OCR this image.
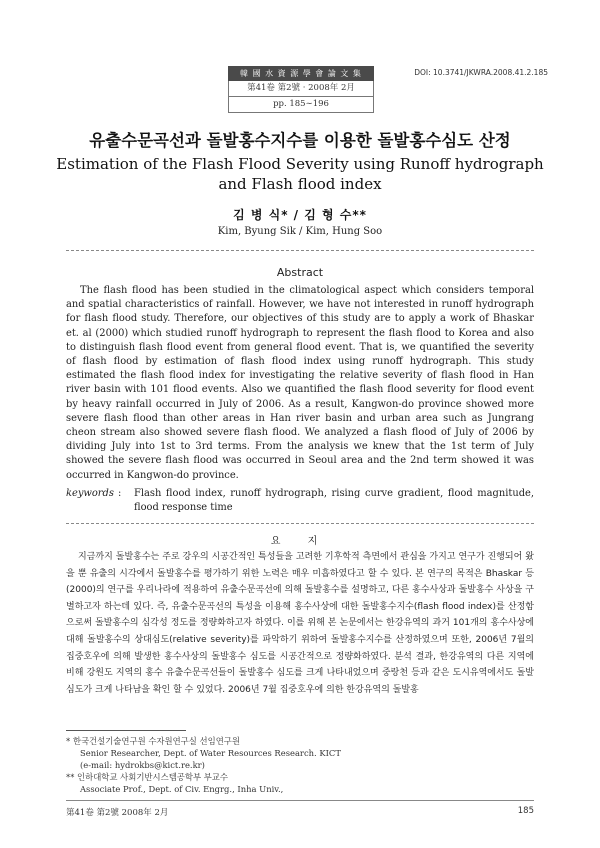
韓 國 水 資 源 學 會 論 文 集
第41卷 第2號 · 2008年 2月
pp. 185∼196
DOI: 10.3741/JKWRA.2008.41.2.185
유출수문곡선과 돌발홍수지수를 이용한 돌발홍수심도 산정
Estimation of the Flash Flood Severity using Runoff hydrograph
and Flash flood index
김 병 식* / 김 형 수**
Kim, Byung Sik / Kim, Hung Soo
Abstract
The flash flood has been studied in the climatological aspect which considers temporal and spatial characteristics of rainfall. However, we have not interested in runoff hydrograph for flash flood study. Therefore, our objectives of this study are to apply a work of Bhaskar et. al (2000) which studied runoff hydrograph to represent the flash flood to Korea and also to distinguish flash flood event from general flood event. That is, we quantified the severity of flash flood by estimation of flash flood index using runoff hydrograph. This study estimated the flash flood index for investigating the relative severity of flash flood in Han river basin with 101 flood events. Also we quantified the flash flood severity for flood event by heavy rainfall occurred in July of 2006. As a result, Kangwon-do province showed more severe flash flood than other areas in Han river basin and urban area such as Jungrang cheon stream also showed severe flash flood. We analyzed a flash flood of July of 2006 by dividing July into 1st to 3rd terms. From the analysis we knew that the 1st term of July showed the severe flash flood was occurred in Seoul area and the 2nd term showed it was occurred in Kangwon-do province.
keywords : Flash flood index, runoff hydrograph, rising curve gradient, flood magnitude, flood response time
요 지
지금까지 돌발홍수는 주로 강우의 시공간적인 특성들을 고려한 기후학적 측면에서 관심을 가지고 연구가 진행되어 왔을 뿐 유출의 시각에서 돌발홍수를 평가하기 위한 노력은 매우 미흡하였다고 할 수 있다. 본 연구의 목적은 Bhaskar 등(2000)의 연구를 우리나라에 적용하여 유출수문곡선에 의해 돌발홍수를 설명하고, 다른 홍수사상과 돌발홍수 사상을 구별하고자 하는데 있다. 즉, 유출수문곡선의 특성을 이용해 홍수사상에 대한 돌발홍수지수(flash flood index)를 산정함으로써 돌발홍수의 심각성 정도를 정량화하고자 하였다. 이를 위해 본 논문에서는 한강유역의 과거 101개의 홍수사상에 대해 돌발홍수의 상대심도(relative severity)를 파악하기 위하여 돌발홍수지수를 산정하였으며 또한, 2006년 7월의 집중호우에 의해 발생한 홍수사상의 돌발홍수 심도를 시공간적으로 정량화하였다. 분석 결과, 한강유역의 다른 지역에 비해 강원도 지역의 홍수 유출수문곡선들이 돌발홍수 심도를 크게 나타내었으며 중랑천 등과 같은 도시유역에서도 돌발심도가 크게 나타남을 확인 할 수 있었다. 2006년 7월 집중호우에 의한 한강유역의 돌발홍
* 한국건설기술연구원 수자원연구실 선임연구원
Senior Researcher, Dept. of Water Resources Research. KICT
(e-mail: hydrokbs@kict.re.kr)
** 인하대학교 사회기반시스템공학부 부교수
Associate Prof., Dept. of Civ. Engrg., Inha Univ.,
第41卷 第2號 2008年 2月	185
